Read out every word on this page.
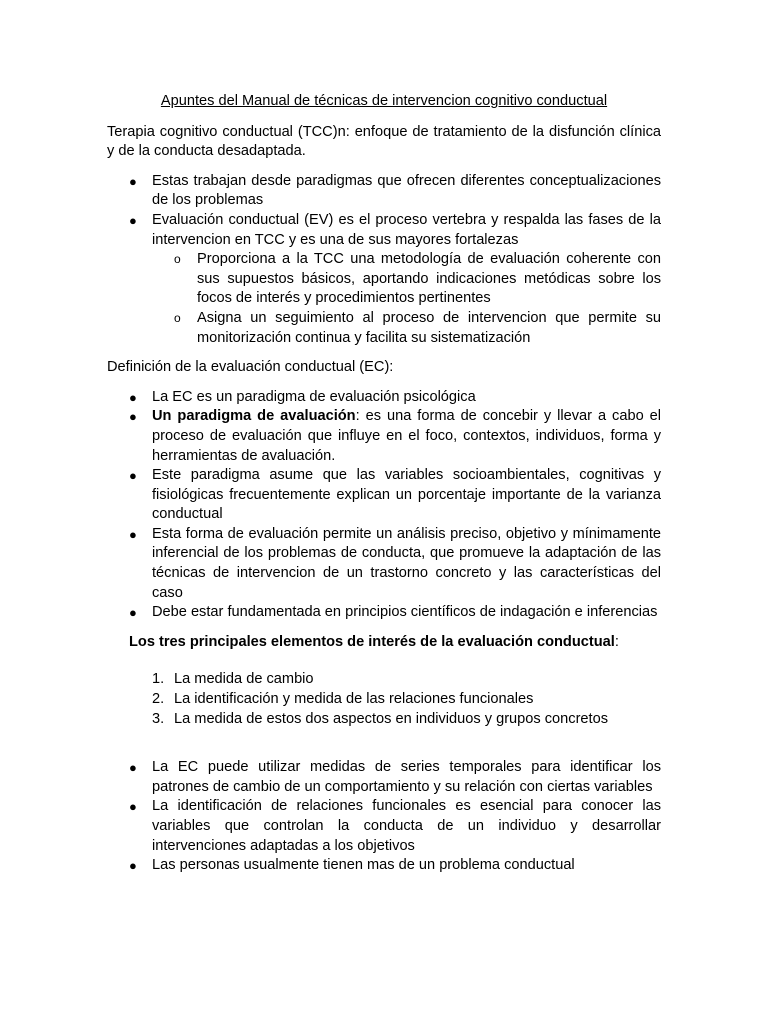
Apuntes del Manual de técnicas de intervencion cognitivo conductual

Terapia cognitivo conductual (TCC)n: enfoque de tratamiento de la disfunción clínica y de la conducta desadaptada.

● Estas trabajan desde paradigmas que ofrecen diferentes conceptualizaciones de los problemas
● Evaluación conductual (EV) es el proceso vertebra y respalda las fases de la intervencion en TCC y es una de sus mayores fortalezas
o Proporciona a la TCC una metodología de evaluación coherente con sus supuestos básicos, aportando indicaciones metódicas sobre los focos de interés y procedimientos pertinentes
o Asigna un seguimiento al proceso de intervencion que permite su monitorización continua y facilita su sistematización

Definición de la evaluación conductual (EC):

● La EC es un paradigma de evaluación psicológica
● Un paradigma de avaluación: es una forma de concebir y llevar a cabo el proceso de evaluación que influye en el foco, contextos, individuos, forma y herramientas de avaluación.
● Este paradigma asume que las variables socioambientales, cognitivas y fisiológicas frecuentemente explican un porcentaje importante de la varianza conductual
● Esta forma de evaluación permite un análisis preciso, objetivo y mínimamente inferencial de los problemas de conducta, que promueve la adaptación de las técnicas de intervencion de un trastorno concreto y las características del caso
● Debe estar fundamentada en principios científicos de indagación e inferencias
Los tres principales elementos de interés de la evaluación conductual:
1. La medida de cambio
2. La identificación y medida de las relaciones funcionales
3. La medida de estos dos aspectos en individuos y grupos concretos
● La EC puede utilizar medidas de series temporales para identificar los patrones de cambio de un comportamiento y su relación con ciertas variables
● La identificación de relaciones funcionales es esencial para conocer las variables que controlan la conducta de un individuo y desarrollar intervenciones adaptadas a los objetivos
● Las personas usualmente tienen mas de un problema conductual
